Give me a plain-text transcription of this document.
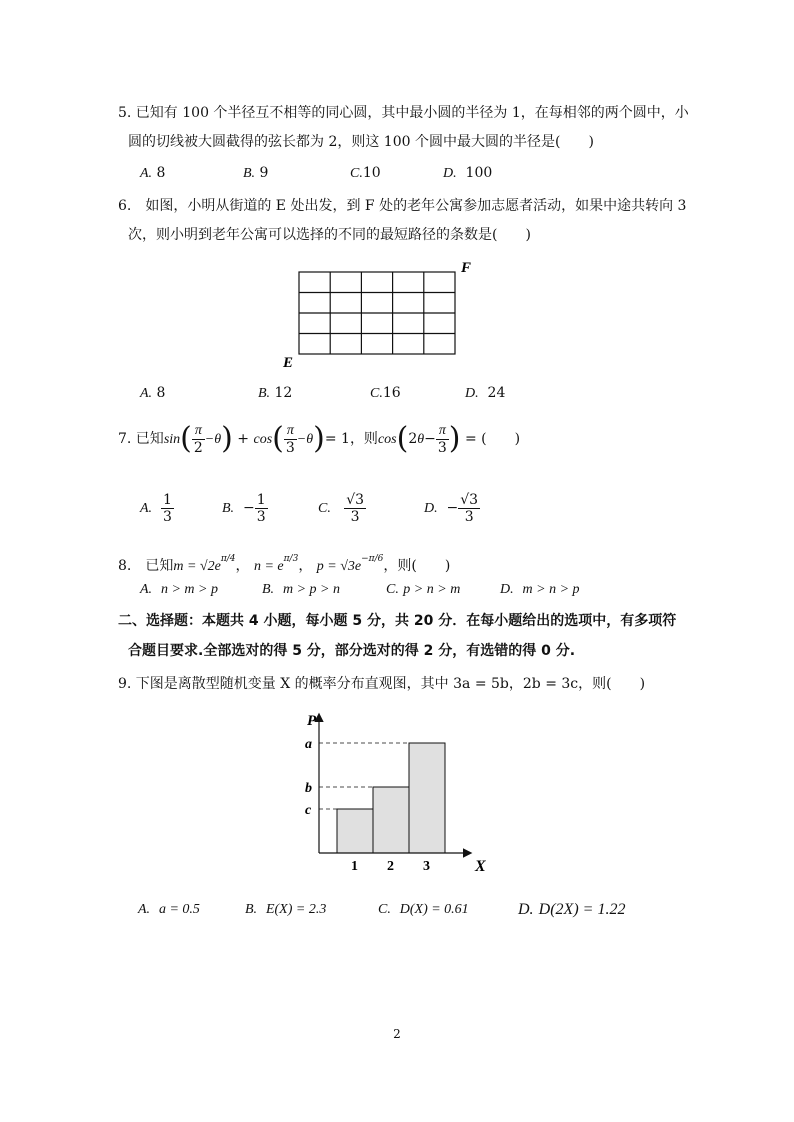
5. 已知有 100 个半径互不相等的同心圆，其中最小圆的半径为 1，在每相邻的两个圆中，小
圆的切线被大圆截得的弦长都为 2，则这 100 个圆中最大圆的半径是(　　)
A. 8	B. 9	C.10	D. 100
6.　如图，小明从街道的 E 处出发，到 F 处的老年公寓参加志愿者活动，如果中途共转向 3
次，则小明到老年公寓可以选择的不同的最短路径的条数是(　　)
F
E
A. 8	B. 12	C.16	D. 24
7. 已知$\sin( \frac{\pi}{2} -\theta) + \cos( \frac{\pi}{3} -\theta)= 1$，则$\cos(2\theta- \frac{\pi}{3}$ ) = (　　)
A. $\frac{1}{3}$	B. − $\frac{1}{3}$	C. $\frac{√3}{3}$	D. − $\frac{√3}{3}$
8.　已知$m = √2e^{\pi/4}$， $n = e^{\pi/3}$， $p = √3e^{-\pi/6}$，则(　　)
A. n > m > p	B. m > p > n	C. p > n > m	D. m > n > p
二、选择题：本题共 4 小题，每小题 5 分，共 20 分．在每小题给出的选项中，有多项符
合题目要求.全部选对的得 5 分，部分选对的得 2 分，有选错的得 0 分.
9. 下图是离散型随机变量 X 的概率分布直观图，其中 3a = 5b，2b = 3c，则(　　)
c
1
b
2
a
3
P
X
A. a = 0.5	B. E(X) = 2.3	C. D(X) = 0.61	D. D(2X) = 1.22
2
